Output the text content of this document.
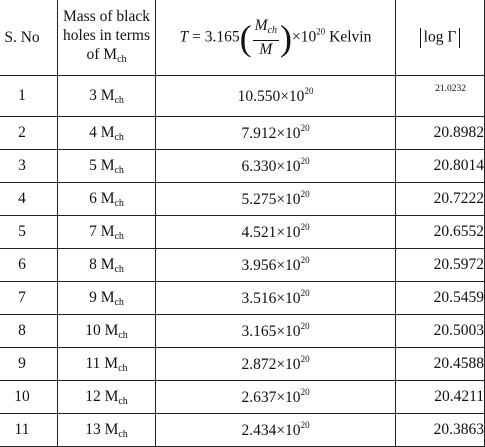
S. No	Mass of black holes in terms of $M_{ch}$	$T = 3.165( \frac{M_{ch}}{M} )\times 10^{20}$ Kelvin	log Γ
1	3 $M_{ch}$	$10.550\times 10^{20}$	21.0232
2	4 $M_{ch}$	$7.912\times 10^{20}$	20.8982
3	5 $M_{ch}$	$6.330\times 10^{20}$	20.8014
4	6 $M_{ch}$	$5.275\times 10^{20}$	20.7222
5	7 $M_{ch}$	$4.521\times 10^{20}$	20.6552
6	8 $M_{ch}$	$3.956\times 10^{20}$	20.5972
7	9 $M_{ch}$	$3.516\times 10^{20}$	20.5459
8	10 $M_{ch}$	$3.165\times 10^{20}$	20.5003
9	11 $M_{ch}$	$2.872\times 10^{20}$	20.4588
10	12 $M_{ch}$	$2.637\times 10^{20}$	20.4211
11	13 $M_{ch}$	$2.434\times 10^{20}$	20.3863
